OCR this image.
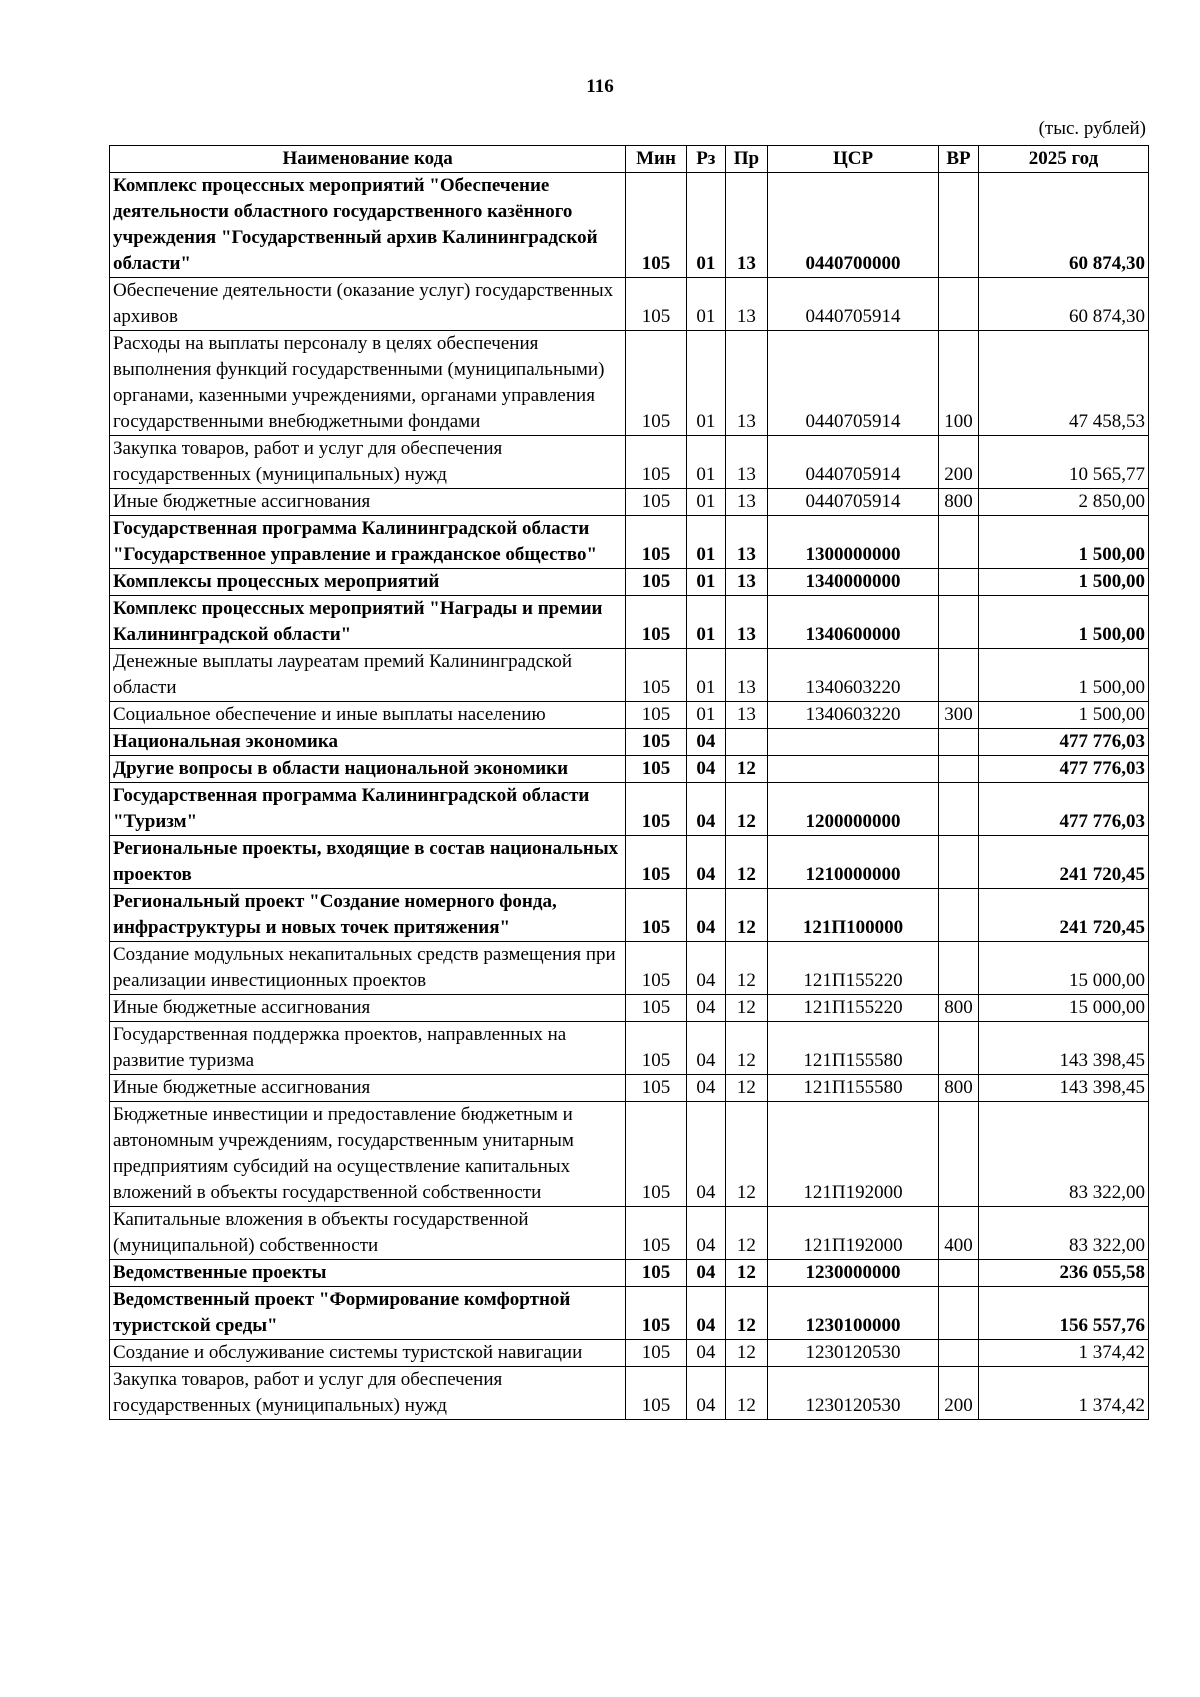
116
(тыс. рублей)
Наименование кода	Мин	Рз	Пр	ЦСР	ВР	2025 год
Комплекс процессных мероприятий "Обеспечение деятельности областного государственного казённого учреждения "Государственный архив Калининградской области"	105	01	13	0440700000		60 874,30
Обеспечение деятельности (оказание услуг) государственных архивов	105	01	13	0440705914		60 874,30
Расходы на выплаты персоналу в целях обеспечения выполнения функций государственными (муниципальными) органами, казенными учреждениями, органами управления государственными внебюджетными фондами	105	01	13	0440705914	100	47 458,53
Закупка товаров, работ и услуг для обеспечения государственных (муниципальных) нужд	105	01	13	0440705914	200	10 565,77
Иные бюджетные ассигнования	105	01	13	0440705914	800	2 850,00
Государственная программа Калининградской области "Государственное управление и гражданское общество"	105	01	13	1300000000		1 500,00
Комплексы процессных мероприятий	105	01	13	1340000000		1 500,00
Комплекс процессных мероприятий "Награды и премии Калининградской области"	105	01	13	1340600000		1 500,00
Денежные выплаты лауреатам премий Калининградской области	105	01	13	1340603220		1 500,00
Социальное обеспечение и иные выплаты населению	105	01	13	1340603220	300	1 500,00
Национальная экономика	105	04				477 776,03
Другие вопросы в области национальной экономики	105	04	12			477 776,03
Государственная программа Калининградской области "Туризм"	105	04	12	1200000000		477 776,03
Региональные проекты, входящие в состав национальных проектов	105	04	12	1210000000		241 720,45
Региональный проект "Создание номерного фонда, инфраструктуры и новых точек притяжения"	105	04	12	121П100000		241 720,45
Создание модульных некапитальных средств размещения при реализации инвестиционных проектов	105	04	12	121П155220		15 000,00
Иные бюджетные ассигнования	105	04	12	121П155220	800	15 000,00
Государственная поддержка проектов, направленных на развитие туризма	105	04	12	121П155580		143 398,45
Иные бюджетные ассигнования	105	04	12	121П155580	800	143 398,45
Бюджетные инвестиции и предоставление бюджетным и автономным учреждениям, государственным унитарным предприятиям субсидий на осуществление капитальных вложений в объекты государственной собственности	105	04	12	121П192000		83 322,00
Капитальные вложения в объекты государственной (муниципальной) собственности	105	04	12	121П192000	400	83 322,00
Ведомственные проекты	105	04	12	1230000000		236 055,58
Ведомственный проект "Формирование комфортной туристской среды"	105	04	12	1230100000		156 557,76
Создание и обслуживание системы туристской навигации	105	04	12	1230120530		1 374,42
Закупка товаров, работ и услуг для обеспечения государственных (муниципальных) нужд	105	04	12	1230120530	200	1 374,42
